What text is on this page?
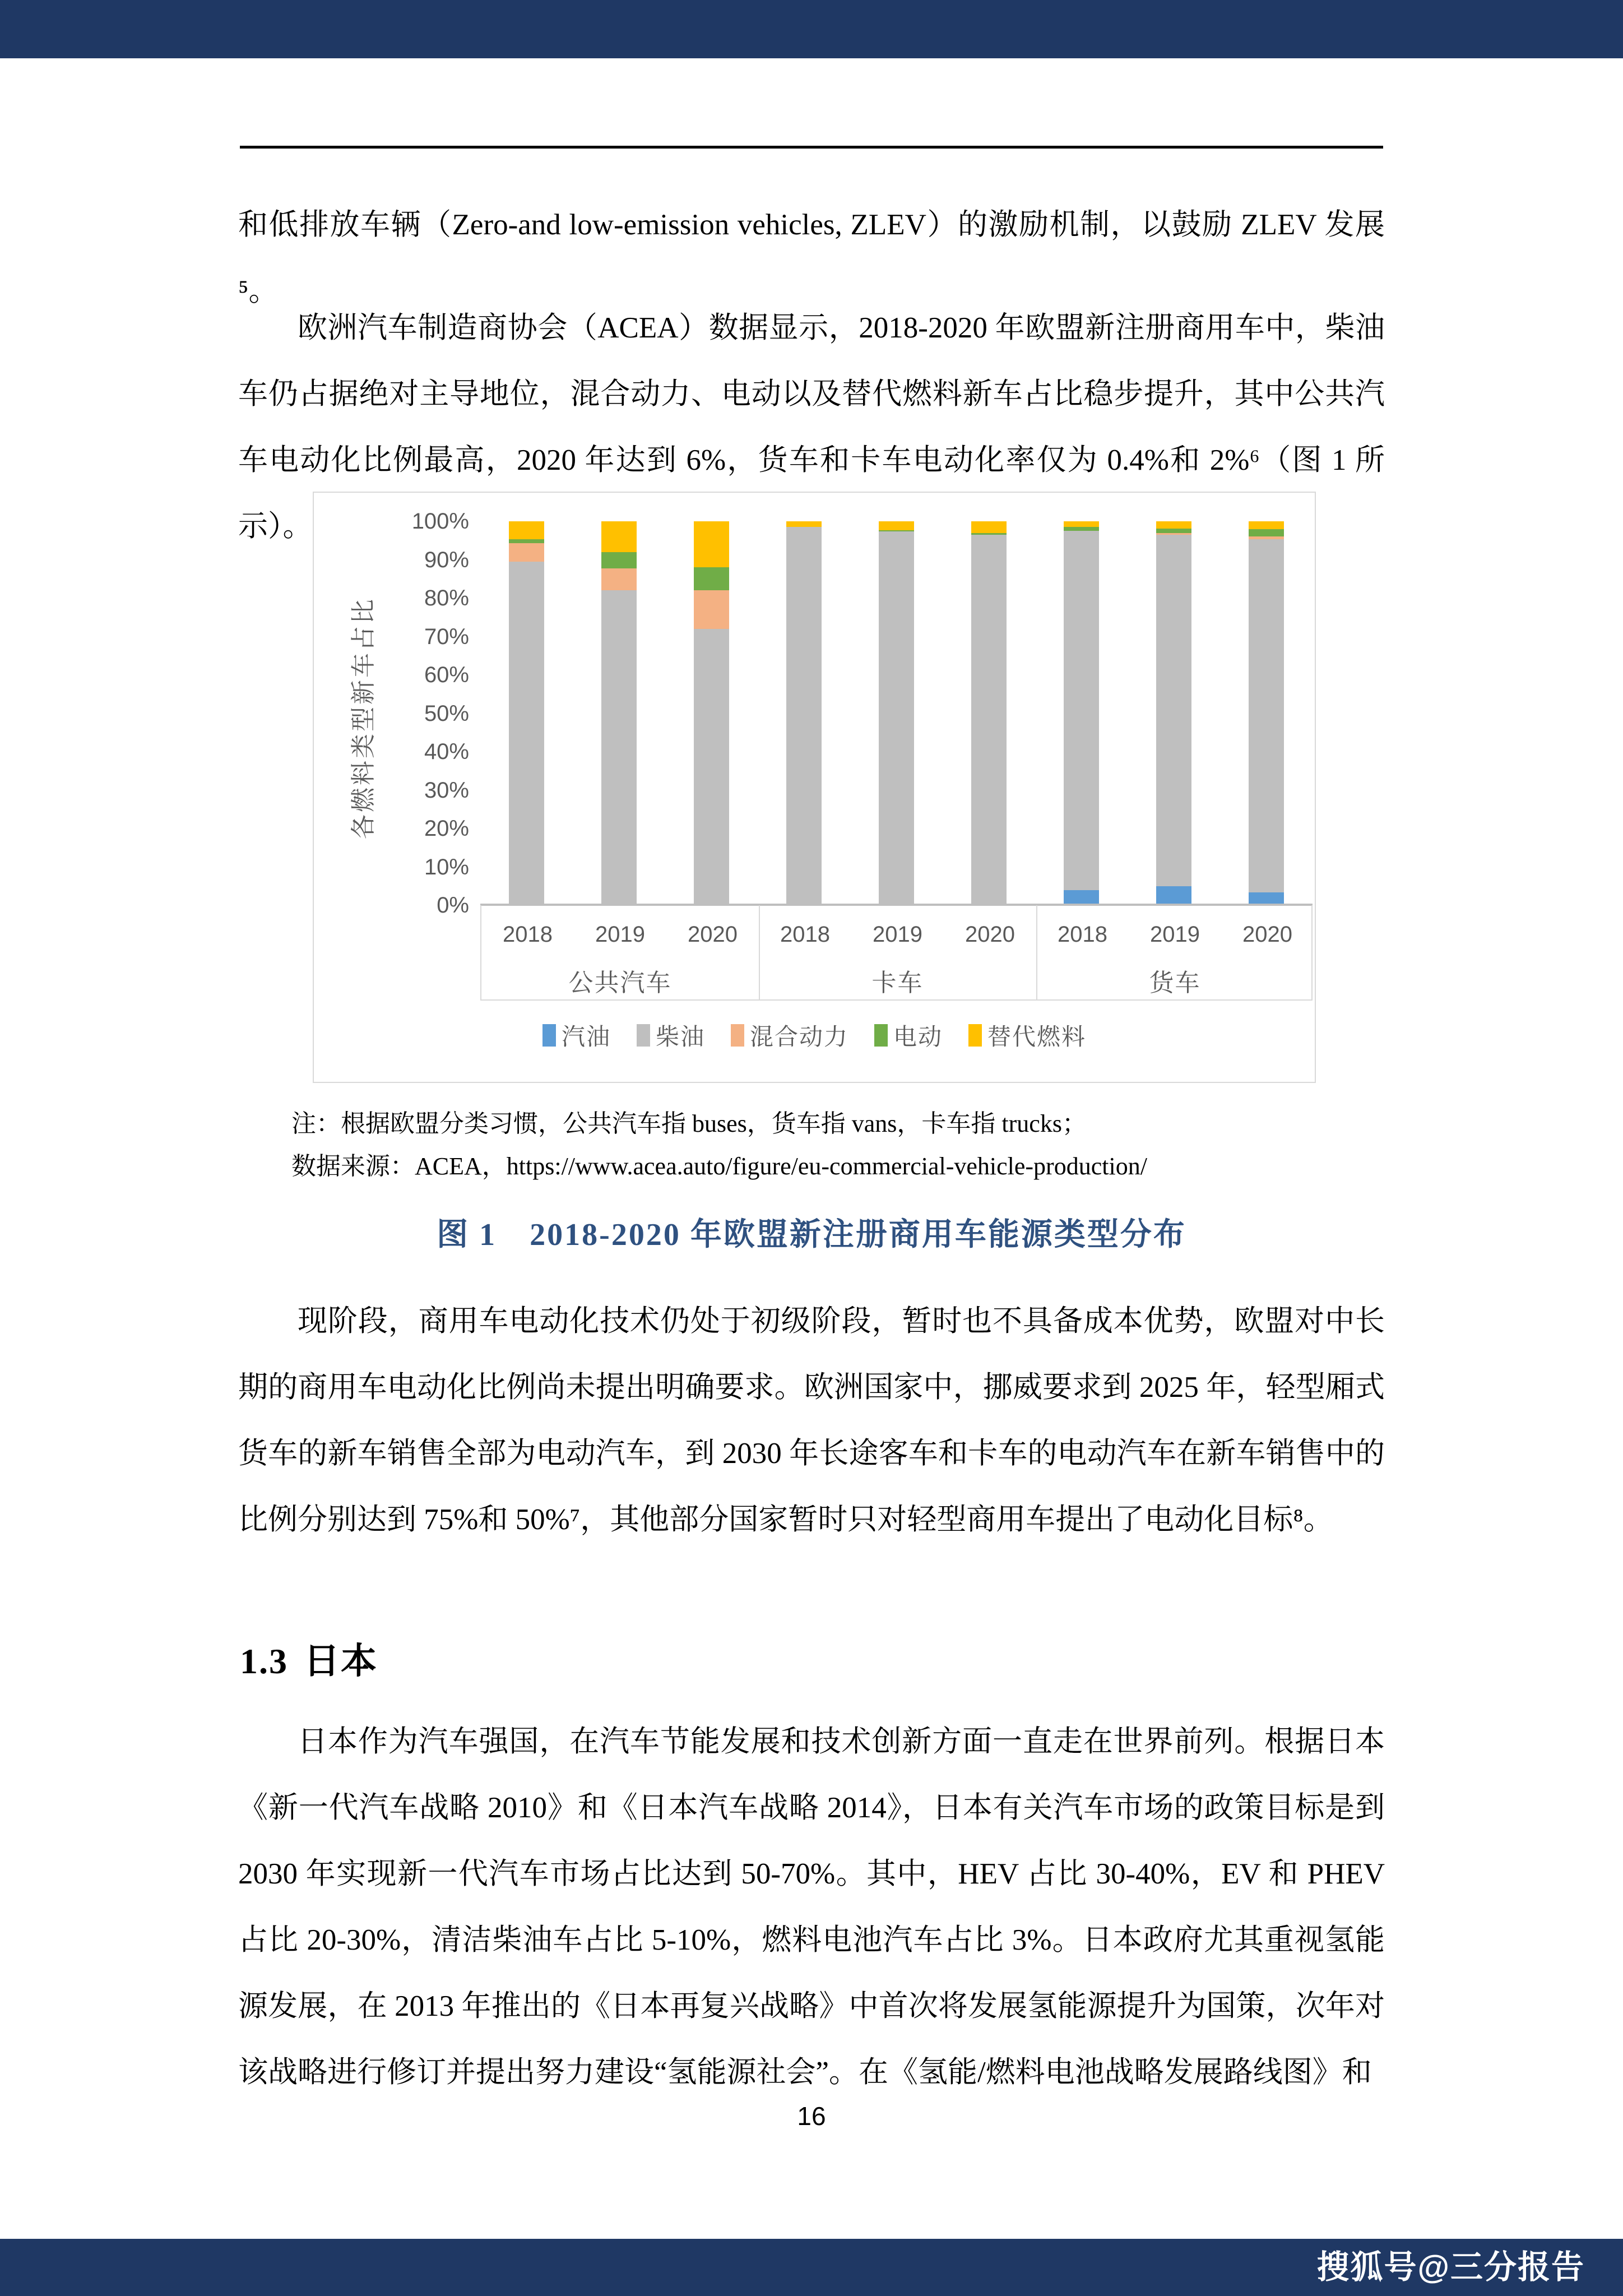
和低排放车辆（Zero-and low-emission vehicles, ZLEV）的激励机制，以鼓励 ZLEV 发展⁵。
欧洲汽车制造商协会（ACEA）数据显示，2018-2020 年欧盟新注册商用车中，柴油车仍占据绝对主导地位，混合动力、电动以及替代燃料新车占比稳步提升，其中公共汽车电动化比例最高，2020 年达到 6%，货车和卡车电动化率仅为 0.4%和 2%⁶（图 1 所示）。
各燃料类型新车占比
0%
10%
20%
30%
40%
50%
60%
70%
80%
90%
100%
2018	2019	2020
公共汽车
2018	2019	2020
卡车
2018	2019	2020
货车
汽油 柴油 混合动力 电动 替代燃料
注：根据欧盟分类习惯，公共汽车指 buses，货车指 vans，卡车指 trucks；
数据来源：ACEA，https://www.acea.auto/figure/eu-commercial-vehicle-production/
图 1　2018-2020 年欧盟新注册商用车能源类型分布
现阶段，商用车电动化技术仍处于初级阶段，暂时也不具备成本优势，欧盟对中长期的商用车电动化比例尚未提出明确要求。欧洲国家中，挪威要求到 2025 年，轻型厢式货车的新车销售全部为电动汽车，到 2030 年长途客车和卡车的电动汽车在新车销售中的比例分别达到 75%和 50%⁷，其他部分国家暂时只对轻型商用车提出了电动化目标⁸。
1.3 日本
日本作为汽车强国，在汽车节能发展和技术创新方面一直走在世界前列。根据日本《新一代汽车战略 2010》和《日本汽车战略 2014》，日本有关汽车市场的政策目标是到 2030 年实现新一代汽车市场占比达到 50-70%。其中，HEV 占比 30-40%，EV 和 PHEV 占比 20-30%，清洁柴油车占比 5-10%，燃料电池汽车占比 3%。日本政府尤其重视氢能源发展，在 2013 年推出的《日本再复兴战略》中首次将发展氢能源提升为国策，次年对该战略进行修订并提出努力建设“氢能源社会”。在《氢能/燃料电池战略发展路线图》和
16
搜狐号@三分报告
